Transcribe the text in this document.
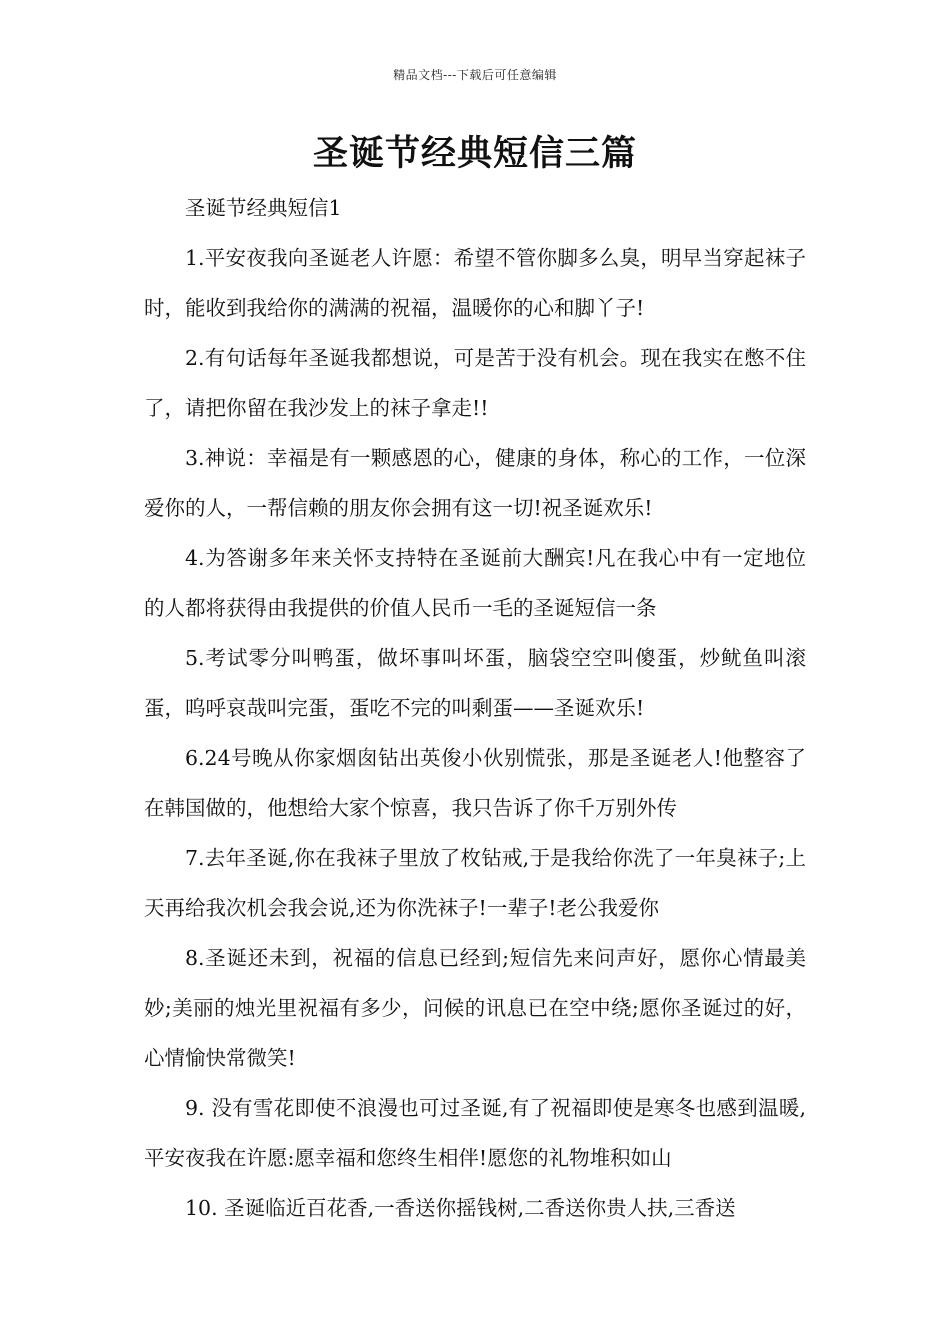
精品文档---下载后可任意编辑
圣诞节经典短信三篇

圣诞节经典短信1

1.平安夜我向圣诞老人许愿：希望不管你脚多么臭，明早当穿起袜子时，能收到我给你的满满的祝福，温暖你的心和脚丫子!

2.有句话每年圣诞我都想说，可是苦于没有机会。现在我实在憋不住了，请把你留在我沙发上的袜子拿走!!

3.神说：幸福是有一颗感恩的心，健康的身体，称心的工作，一位深爱你的人，一帮信赖的朋友你会拥有这一切!祝圣诞欢乐!

4.为答谢多年来关怀支持特在圣诞前大酬宾!凡在我心中有一定地位的人都将获得由我提供的价值人民币一毛的圣诞短信一条

5.考试零分叫鸭蛋，做坏事叫坏蛋，脑袋空空叫傻蛋，炒鱿鱼叫滚蛋，呜呼哀哉叫完蛋，蛋吃不完的叫剩蛋——圣诞欢乐!

6.24号晚从你家烟囱钻出英俊小伙别慌张，那是圣诞老人!他整容了在韩国做的，他想给大家个惊喜，我只告诉了你千万别外传

7.去年圣诞,你在我袜子里放了枚钻戒,于是我给你洗了一年臭袜子;上天再给我次机会我会说,还为你洗袜子!一辈子!老公我爱你

8.圣诞还未到，祝福的信息已经到;短信先来问声好，愿你心情最美妙;美丽的烛光里祝福有多少，问候的讯息已在空中绕;愿你圣诞过的好，心情愉快常微笑!

9. 没有雪花即使不浪漫也可过圣诞,有了祝福即使是寒冬也感到温暖,平安夜我在许愿:愿幸福和您终生相伴!愿您的礼物堆积如山

10. 圣诞临近百花香,一香送你摇钱树,二香送你贵人扶,三香送
